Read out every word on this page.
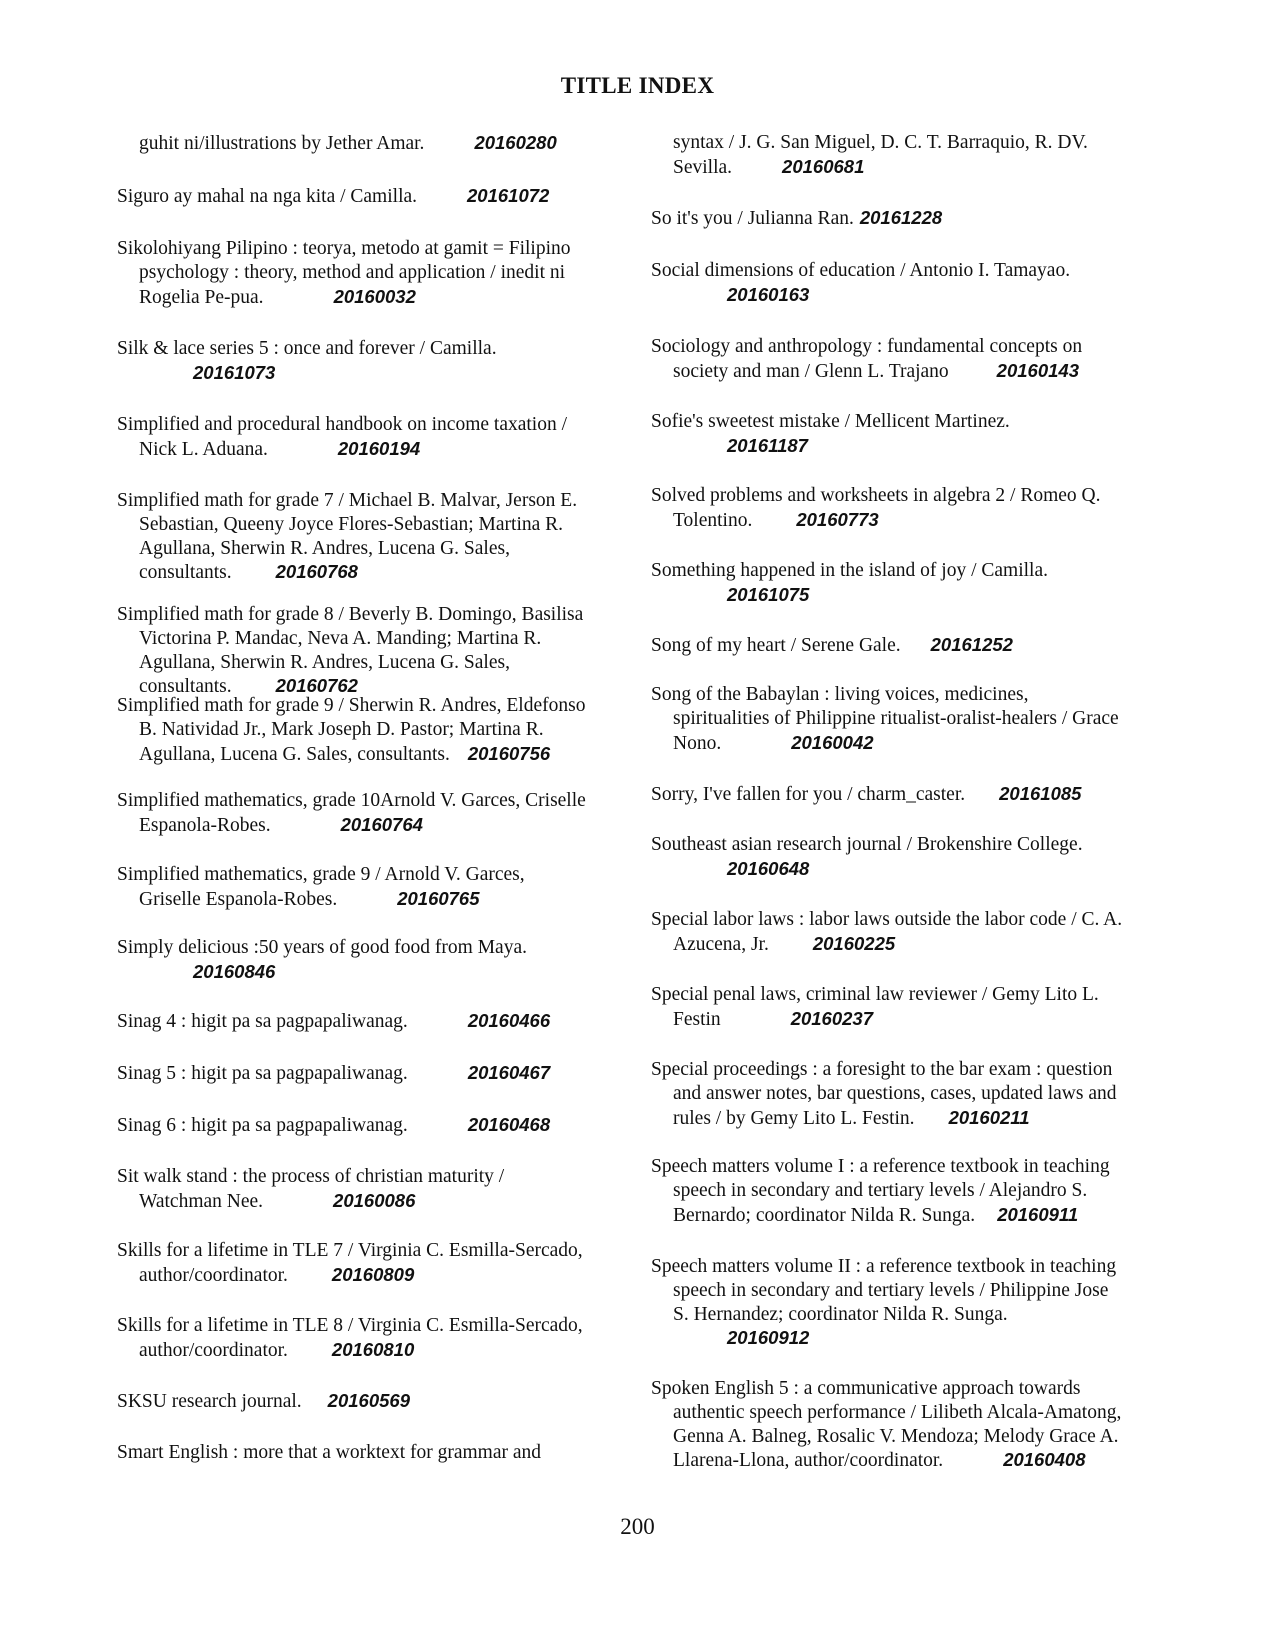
TITLE INDEX
guhit ni/illustrations by Jether Amar.	20160280
Siguro ay mahal na nga kita / Camilla.	20161072
Sikolohiyang Pilipino : teorya, metodo at gamit = Filipino
psychology : theory, method and application / inedit ni
Rogelia Pe-pua.	20160032
Silk & lace series 5 : once and forever / Camilla.
20161073
Simplified and procedural handbook on income taxation /
Nick L. Aduana.	20160194
Simplified math for grade 7 / Michael B. Malvar, Jerson E.
Sebastian, Queeny Joyce Flores-Sebastian; Martina R.
Agullana, Sherwin R. Andres, Lucena G. Sales,
consultants. 20160768
Simplified math for grade 8 / Beverly B. Domingo, Basilisa
Victorina P. Mandac, Neva A. Manding; Martina R.
Agullana, Sherwin R. Andres, Lucena G. Sales,
consultants. 20160762
Simplified math for grade 9 / Sherwin R. Andres, Eldefonso
B. Natividad Jr., Mark Joseph D. Pastor; Martina R.
Agullana, Lucena G. Sales, consultants. 20160756
Simplified mathematics, grade 10Arnold V. Garces, Criselle
Espanola-Robes.	20160764
Simplified mathematics, grade 9 / Arnold V. Garces,
Griselle Espanola-Robes.	20160765
Simply delicious :50 years of good food from Maya.
20160846
Sinag 4 : higit pa sa pagpapaliwanag.	20160466
Sinag 5 : higit pa sa pagpapaliwanag.	20160467
Sinag 6 : higit pa sa pagpapaliwanag.	20160468
Sit walk stand : the process of christian maturity /
Watchman Nee.	20160086
Skills for a lifetime in TLE 7 / Virginia C. Esmilla-Sercado,
author/coordinator. 20160809
Skills for a lifetime in TLE 8 / Virginia C. Esmilla-Sercado,
author/coordinator. 20160810
SKSU research journal. 20160569
Smart English : more that a worktext for grammar and
syntax / J. G. San Miguel, D. C. T. Barraquio, R. DV.
Sevilla.	20160681
So it's you / Julianna Ran. 20161228
Social dimensions of education / Antonio I. Tamayao.
20160163
Sociology and anthropology : fundamental concepts on
society and man / Glenn L. Trajano	20160143
Sofie's sweetest mistake / Mellicent Martinez.
20161187
Solved problems and worksheets in algebra 2 / Romeo Q.
Tolentino. 20160773
Something happened in the island of joy / Camilla.
20161075
Song of my heart / Serene Gale. 20161252
Song of the Babaylan : living voices, medicines,
spiritualities of Philippine ritualist-oralist-healers / Grace
Nono.	20160042
Sorry, I've fallen for you / charm_caster. 20161085
Southeast asian research journal / Brokenshire College.
20160648
Special labor laws : labor laws outside the labor code / C. A.
Azucena, Jr. 20160225
Special penal laws, criminal law reviewer / Gemy Lito L.
Festin	20160237
Special proceedings : a foresight to the bar exam : question
and answer notes, bar questions, cases, updated laws and
rules / by Gemy Lito L. Festin. 20160211
Speech matters volume I : a reference textbook in teaching
speech in secondary and tertiary levels / Alejandro S.
Bernardo; coordinator Nilda R. Sunga. 20160911
Speech matters volume II : a reference textbook in teaching
speech in secondary and tertiary levels / Philippine Jose
S. Hernandez; coordinator Nilda R. Sunga.
20160912
Spoken English 5 : a communicative approach towards
authentic speech performance / Lilibeth Alcala-Amatong,
Genna A. Balneg, Rosalic V. Mendoza; Melody Grace A.
Llarena-Llona, author/coordinator.	20160408
200
